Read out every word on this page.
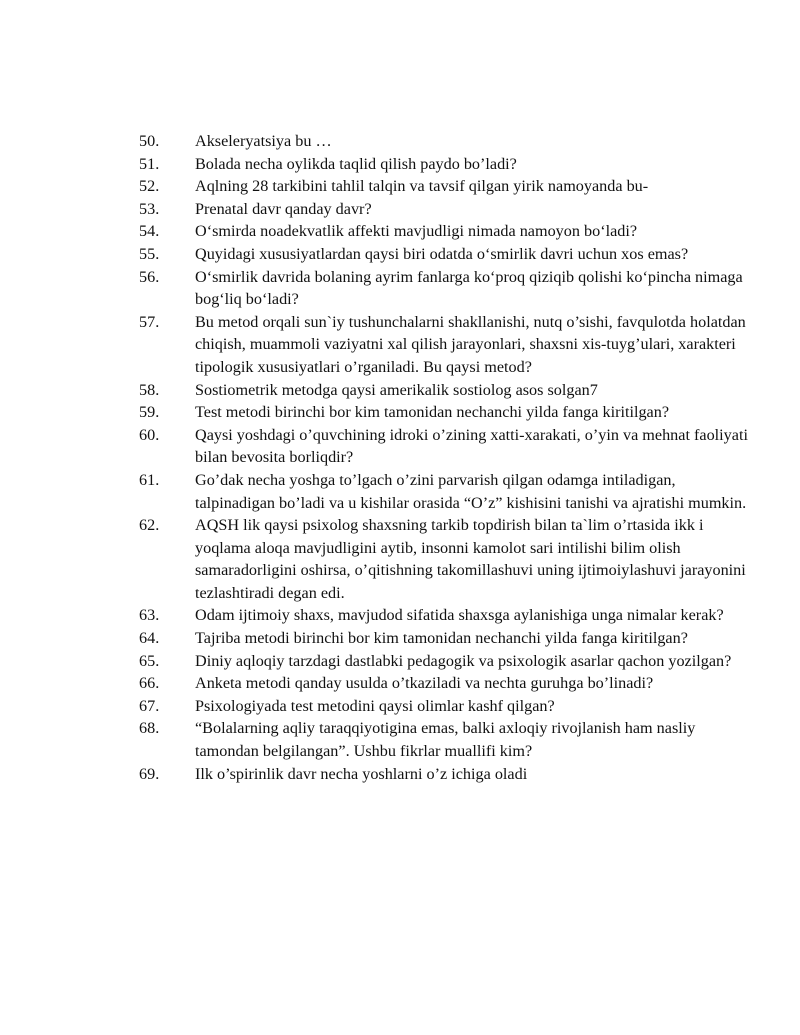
50.	Akseleryatsiya bu …
51.	Bolada necha oylikda taqlid qilish paydo bo’ladi?
52.	Aqlning 28 tarkibini tahlil talqin va tavsif qilgan yirik namoyanda bu-
53.	Prenatal davr qanday davr?
54.	O‘smirda noadekvatlik affekti mavjudligi nimada namoyon bo‘ladi?
55.	Quyidagi xususiyatlardan qaysi biri odatda o‘smirlik davri uchun xos emas?
56.	O‘smirlik davrida bolaning ayrim fanlarga ko‘proq qiziqib qolishi ko‘pincha nimaga bog‘liq bo‘ladi?
57.	Bu metod orqali sun`iy tushunchalarni shakllanishi, nutq o’sishi, favqulotda holatdan chiqish, muammoli vaziyatni xal qilish jarayonlari, shaxsni xis-tuyg’ulari, xarakteri tipologik xususiyatlari o’rganiladi. Bu qaysi metod?
58.	Sostiometrik metodga qaysi amerikalik sostiolog asos solgan7
59.	Test metodi birinchi bor kim tamonidan nechanchi yilda fanga kiritilgan?
60.	Qaysi yoshdagi o’quvchining idroki o’zining xatti-xarakati, o’yin va mehnat faoliyati bilan bevosita borliqdir?
61.	Go’dak necha yoshga to’lgach o’zini parvarish qilgan odamga intiladigan, talpinadigan bo’ladi va u kishilar orasida “O’z” kishisini tanishi va ajratishi mumkin.
62.	AQSH lik qaysi psixolog shaxsning tarkib topdirish bilan ta`lim o’rtasida ikk i yoqlama aloqa mavjudligini aytib, insonni kamolot sari intilishi bilim olish samaradorligini oshirsa, o’qitishning takomillashuvi uning ijtimoiylashuvi jarayonini tezlashtiradi degan edi.
63.	Odam ijtimoiy shaxs, mavjudod sifatida shaxsga aylanishiga unga nimalar kerak?
64.	Tajriba metodi birinchi bor kim tamonidan nechanchi yilda fanga kiritilgan?
65.	Diniy aqloqiy tarzdagi dastlabki pedagogik va psixologik asarlar qachon yozilgan?
66.	Anketa metodi qanday usulda o’tkaziladi va nechta guruhga bo’linadi?
67.	Psixologiyada test metodini qaysi olimlar kashf qilgan?
68.	“Bolalarning aqliy taraqqiyotigina emas, balki axloqiy rivojlanish ham nasliy tamondan belgilangan”. Ushbu fikrlar muallifi kim?
69.	Ilk o’spirinlik davr necha yoshlarni o’z ichiga oladi
